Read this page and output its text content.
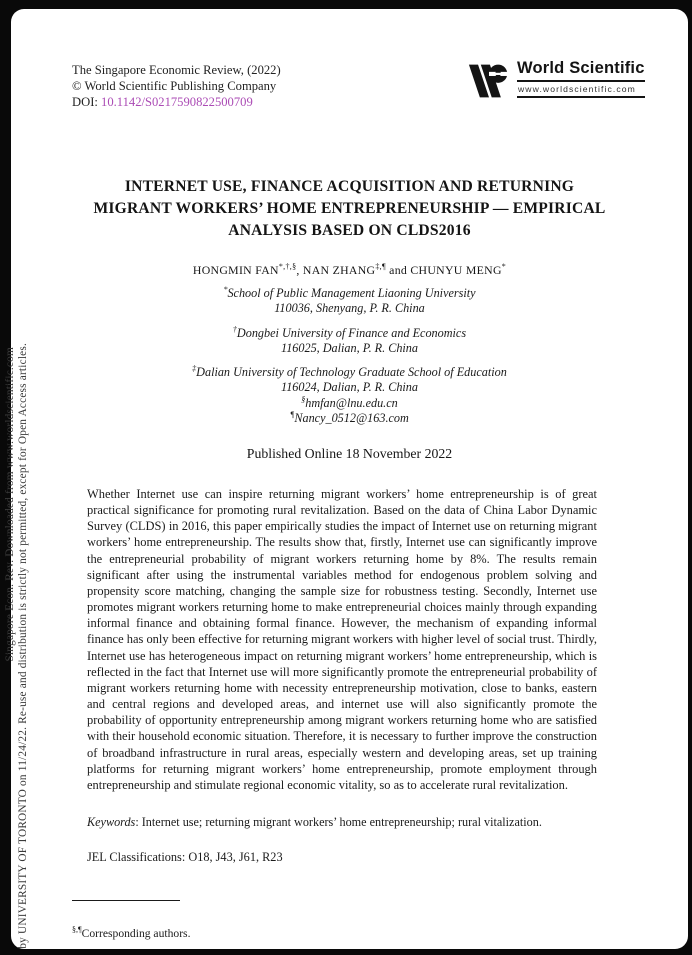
The Singapore Economic Review, (2022)
© World Scientific Publishing Company
DOI: 10.1142/S0217590822500709
World Scientific
www.worldscientific.com
INTERNET USE, FINANCE ACQUISITION AND RETURNING
MIGRANT WORKERS’ HOME ENTREPRENEURSHIP — EMPIRICAL
ANALYSIS BASED ON CLDS2016
HONGMIN FAN*,†,§, NAN ZHANG‡,¶ and CHUNYU MENG*
*School of Public Management Liaoning University
110036, Shenyang, P. R. China
†Dongbei University of Finance and Economics
116025, Dalian, P. R. China
‡Dalian University of Technology Graduate School of Education
116024, Dalian, P. R. China
§hmfan@lnu.edu.cn
¶Nancy_0512@163.com
Published Online 18 November 2022
Whether Internet use can inspire returning migrant workers’ home entrepreneurship is of great practical significance for promoting rural revitalization. Based on the data of China Labor Dynamic Survey (CLDS) in 2016, this paper empirically studies the impact of Internet use on returning migrant workers’ home entrepreneurship. The results show that, firstly, Internet use can significantly improve the entrepreneurial probability of migrant workers returning home by 8%. The results remain significant after using the instrumental variables method for endogenous problem solving and propensity score matching, changing the sample size for robustness testing. Secondly, Internet use promotes migrant workers returning home to make entrepreneurial choices mainly through expanding informal finance and obtaining formal finance. However, the mechanism of expanding informal finance has only been effective for returning migrant workers with higher level of social trust. Thirdly, Internet use has heterogeneous impact on returning migrant workers’ home entrepreneurship, which is reflected in the fact that Internet use will more significantly promote the entrepreneurial probability of migrant workers returning home with necessity entrepreneurship motivation, close to banks, eastern and central regions and developed areas, and internet use will also significantly promote the probability of opportunity entrepreneurship among migrant workers returning home who are satisfied with their household economic situation. Therefore, it is necessary to further improve the construction of broadband infrastructure in rural areas, especially western and developing areas, set up training platforms for returning migrant workers’ home entrepreneurship, promote employment through entrepreneurship and stimulate regional economic vitality, so as to accelerate rural revitalization.
Keywords: Internet use; returning migrant workers’ home entrepreneurship; rural vitalization.
JEL Classifications: O18, J43, J61, R23
§,¶Corresponding authors.
Singapore Econ. Rev. Downloaded from www.worldscientific.com by UNIVERSITY OF TORONTO on 11/24/22. Re-use and distribution is strictly not permitted, except for Open Access articles.
